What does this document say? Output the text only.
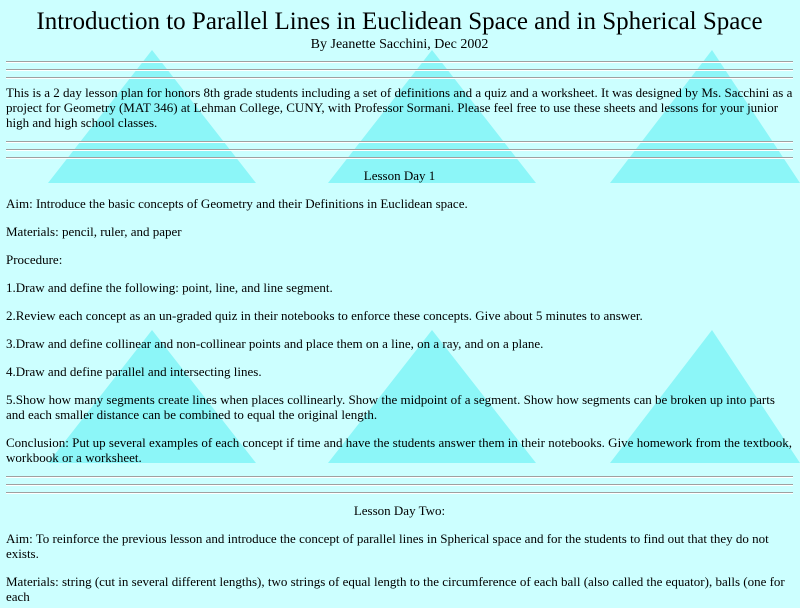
Introduction to Parallel Lines in Euclidean Space and in Spherical Space
By Jeanette Sacchini, Dec 2002

This is a 2 day lesson plan for honors 8th grade students including a set of definitions and a quiz and a worksheet. It was designed by Ms. Sacchini as a project for Geometry (MAT 346) at Lehman College, CUNY, with Professor Sormani. Please feel free to use these sheets and lessons for your junior high and high school classes.

Lesson Day 1

Aim: Introduce the basic concepts of Geometry and their Definitions in Euclidean space.

Materials: pencil, ruler, and paper

Procedure:

1.Draw and define the following: point, line, and line segment.

2.Review each concept as an un-graded quiz in their notebooks to enforce these concepts. Give about 5 minutes to answer.

3.Draw and define collinear and non-collinear points and place them on a line, on a ray, and on a plane.

4.Draw and define parallel and intersecting lines.

5.Show how many segments create lines when places collinearly. Show the midpoint of a segment. Show how segments can be broken up into parts and each smaller distance can be combined to equal the original length.

Conclusion: Put up several examples of each concept if time and have the students answer them in their notebooks. Give homework from the textbook, workbook or a worksheet.

Lesson Day Two:

Aim: To reinforce the previous lesson and introduce the concept of parallel lines in Spherical space and for the students to find out that they do not exists.

Materials: string (cut in several different lengths), two strings of equal length to the circumference of each ball (also called the equator), balls (one for each
